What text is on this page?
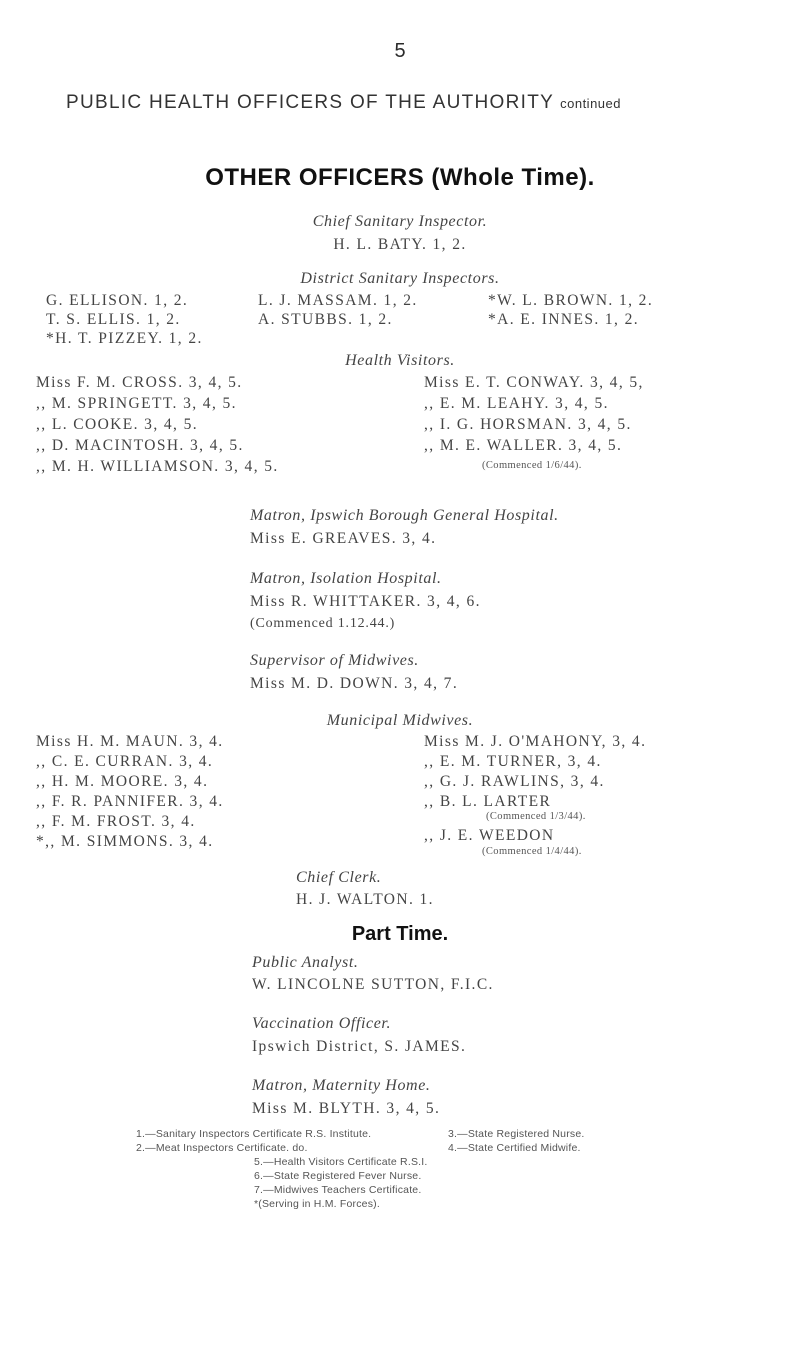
5
PUBLIC HEALTH OFFICERS OF THE AUTHORITY continued
OTHER OFFICERS (Whole Time).
Chief Sanitary Inspector.
H. L. BATY. 1, 2.
District Sanitary Inspectors.
G. ELLISON. 1, 2.
T. S. ELLIS. 1, 2.
*H. T. PIZZEY. 1, 2.
L. J. MASSAM. 1, 2.
A. STUBBS. 1, 2.
*W. L. BROWN. 1, 2.
*A. E. INNES. 1, 2.
Health Visitors.
Miss F. M. CROSS. 3, 4, 5.
,, M. SPRINGETT. 3, 4, 5.
,, L. COOKE. 3, 4, 5.
,, D. MACINTOSH. 3, 4, 5.
,, M. H. WILLIAMSON. 3, 4, 5.
Miss E. T. CONWAY. 3, 4, 5,
,, E. M. LEAHY. 3, 4, 5.
,, I. G. HORSMAN. 3, 4, 5.
,, M. E. WALLER. 3, 4, 5.
(Commenced 1/6/44).
Matron, Ipswich Borough General Hospital.
Miss E. GREAVES. 3, 4.
Matron, Isolation Hospital.
Miss R. WHITTAKER. 3, 4, 6.
(Commenced 1.12.44.)
Supervisor of Midwives.
Miss M. D. DOWN. 3, 4, 7.
Municipal Midwives.
Miss H. M. MAUN. 3, 4.
,, C. E. CURRAN. 3, 4.
,, H. M. MOORE. 3, 4.
,, F. R. PANNIFER. 3, 4.
,, F. M. FROST. 3, 4.
*,, M. SIMMONS. 3, 4.
Miss M. J. O'MAHONY, 3, 4.
,, E. M. TURNER, 3, 4.
,, G. J. RAWLINS, 3, 4.
,, B. L. LARTER
(Commenced 1/3/44).
,, J. E. WEEDON
(Commenced 1/4/44).
Chief Clerk.
H. J. WALTON. 1.
Part Time.
Public Analyst.
W. LINCOLNE SUTTON, F.I.C.
Vaccination Officer.
Ipswich District, S. JAMES.
Matron, Maternity Home.
Miss M. BLYTH. 3, 4, 5.
1.—Sanitary Inspectors Certificate R.S. Institute.
2.—Meat Inspectors Certificate. do.
3.—State Registered Nurse.
4.—State Certified Midwife.
5.—Health Visitors Certificate R.S.I.
6.—State Registered Fever Nurse.
7.—Midwives Teachers Certificate.
*(Serving in H.M. Forces).
